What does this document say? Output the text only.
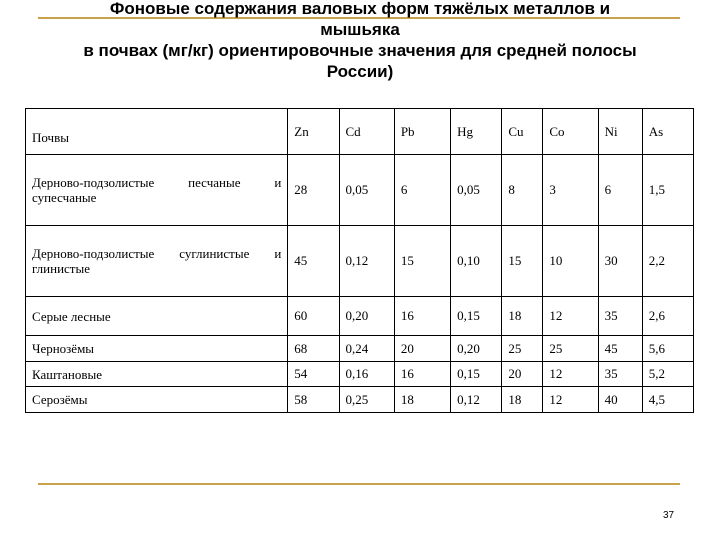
Фоновые содержания валовых форм тяжёлых металлов и
мышьяка
в почвах (мг/кг) ориентировочные значения для средней полосы
России)
Почвы	Zn	Cd	Pb	Hg	Cu	Co	Ni	As
Дерново-подзолистые песчаные и супесчаные	28	0,05	6	0,05	8	3	6	1,5
Дерново-подзолистые суглинистые и глинистые	45	0,12	15	0,10	15	10	30	2,2
Серые лесные	60	0,20	16	0,15	18	12	35	2,6
Чернозёмы	68	0,24	20	0,20	25	25	45	5,6
Каштановые	54	0,16	16	0,15	20	12	35	5,2
Серозёмы	58	0,25	18	0,12	18	12	40	4,5
37
